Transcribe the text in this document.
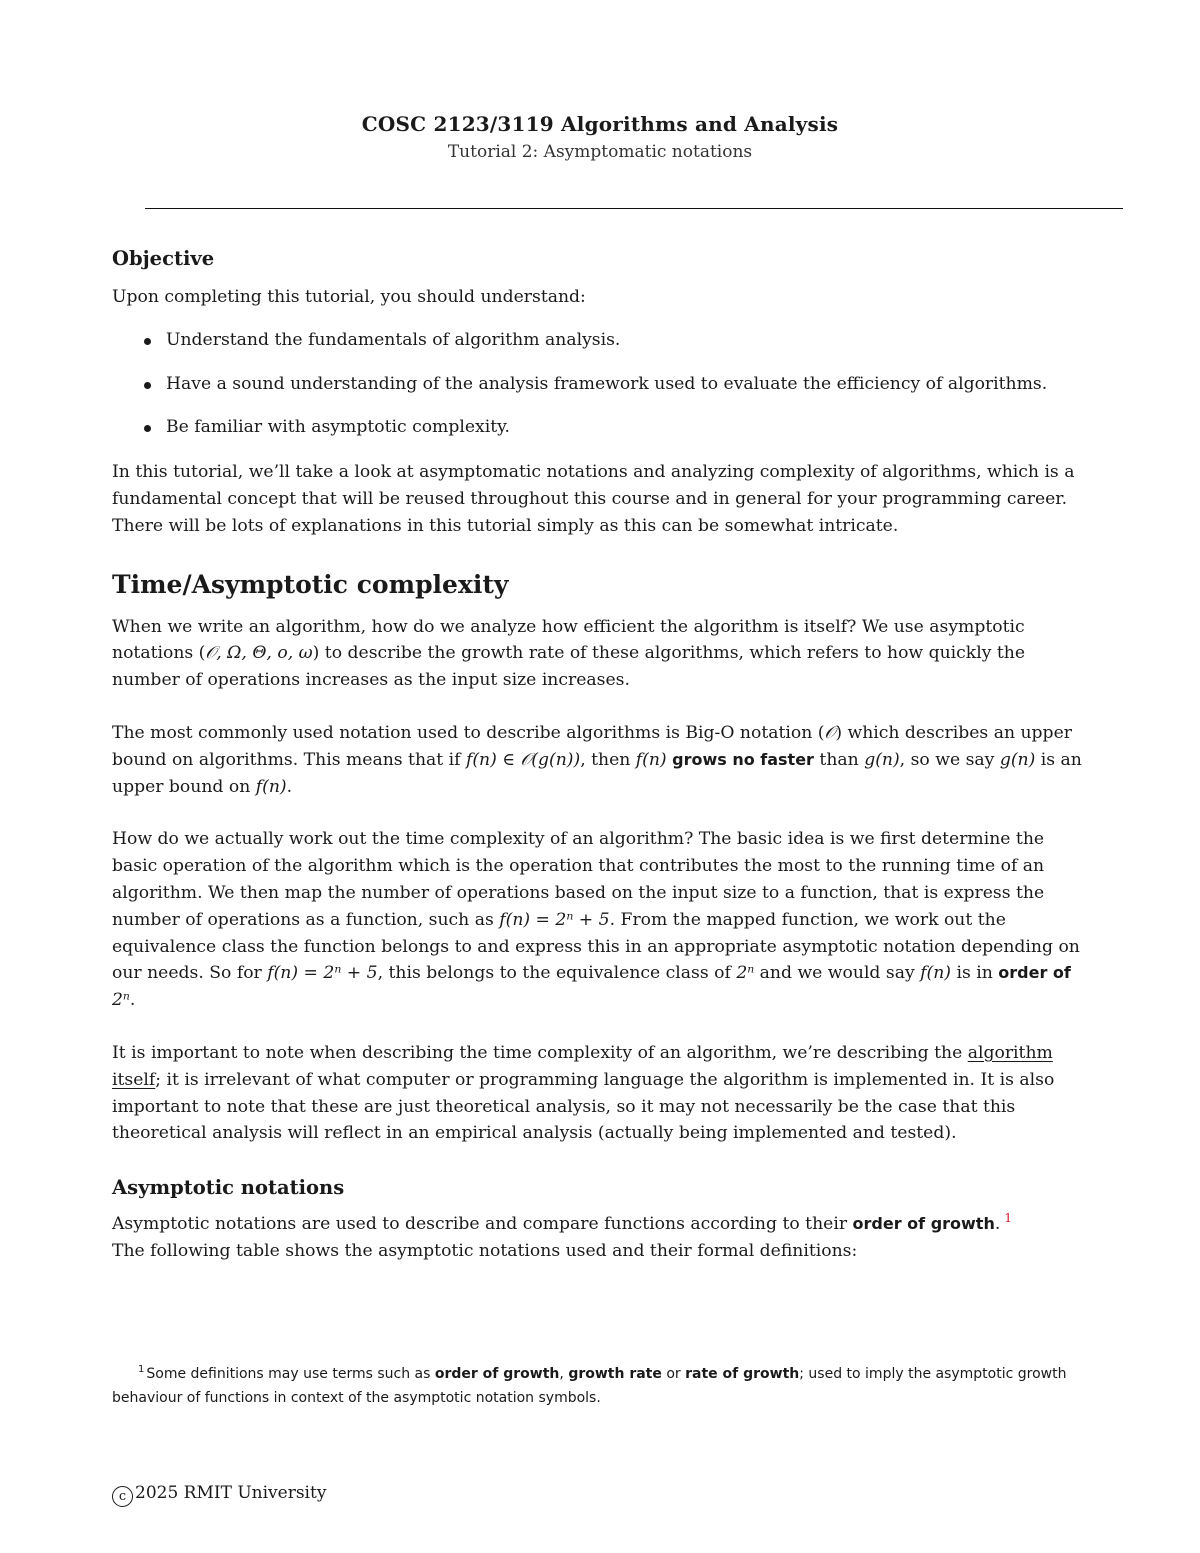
COSC 2123/3119 Algorithms and Analysis
Tutorial 2: Asymptomatic notations
Objective

Upon completing this tutorial, you should understand:

Understand the fundamentals of algorithm analysis.
Have a sound understanding of the analysis framework used to evaluate the efficiency of algorithms.
Be familiar with asymptotic complexity.

In this tutorial, we’ll take a look at asymptomatic notations and analyzing complexity of algorithms, which is a fundamental concept that will be reused throughout this course and in general for your programming career. There will be lots of explanations in this tutorial simply as this can be somewhat intricate.

Time/Asymptotic complexity

When we write an algorithm, how do we analyze how efficient the algorithm is itself? We use asymptotic notations (𝒪, Ω, Θ, o, ω) to describe the growth rate of these algorithms, which refers to how quickly the number of operations increases as the input size increases.

The most commonly used notation used to describe algorithms is Big-O notation (𝒪) which describes an upper bound on algorithms. This means that if f(n) ∈ 𝒪(g(n)), then f(n) grows no faster than g(n), so we say g(n) is an upper bound on f(n).

How do we actually work out the time complexity of an algorithm? The basic idea is we first determine the basic operation of the algorithm which is the operation that contributes the most to the running time of an algorithm. We then map the number of operations based on the input size to a function, that is express the number of operations as a function, such as f(n) = 2ⁿ + 5. From the mapped function, we work out the equivalence class the function belongs to and express this in an appropriate asymptotic notation depending on our needs. So for f(n) = 2ⁿ + 5, this belongs to the equivalence class of 2ⁿ and we would say f(n) is in order of 2ⁿ.

It is important to note when describing the time complexity of an algorithm, we’re describing the algorithm itself; it is irrelevant of what computer or programming language the algorithm is implemented in. It is also important to note that these are just theoretical analysis, so it may not necessarily be the case that this theoretical analysis will reflect in an empirical analysis (actually being implemented and tested).

Asymptotic notations

Asymptotic notations are used to describe and compare functions according to their order of growth. $^1$
The following table shows the asymptotic notations used and their formal definitions:

$^1$ Some definitions may use terms such as order of growth, growth rate or rate of growth; used to imply the asymptotic growth behaviour of functions in context of the asymptotic notation symbols.
c 2025 RMIT University
